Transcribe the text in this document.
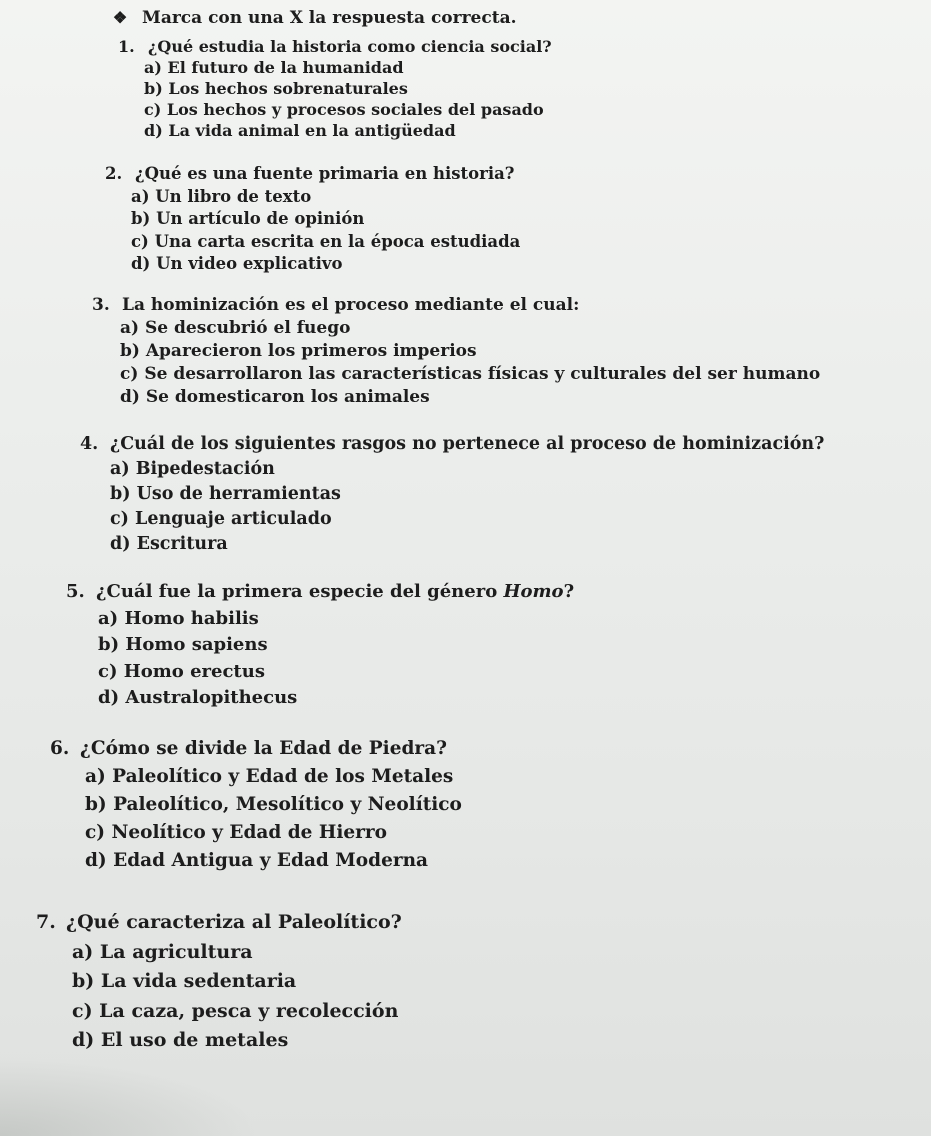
❖ Marca con una X la respuesta correcta.
1. ¿Qué estudia la historia como ciencia social?
a) El futuro de la humanidad
b) Los hechos sobrenaturales
c) Los hechos y procesos sociales del pasado
d) La vida animal en la antigüedad
2. ¿Qué es una fuente primaria en historia?
a) Un libro de texto
b) Un artículo de opinión
c) Una carta escrita en la época estudiada
d) Un video explicativo
3. La hominización es el proceso mediante el cual:
a) Se descubrió el fuego
b) Aparecieron los primeros imperios
c) Se desarrollaron las características físicas y culturales del ser humano
d) Se domesticaron los animales
4. ¿Cuál de los siguientes rasgos no pertenece al proceso de hominización?
a) Bipedestación
b) Uso de herramientas
c) Lenguaje articulado
d) Escritura
5. ¿Cuál fue la primera especie del género Homo?
a) Homo habilis
b) Homo sapiens
c) Homo erectus
d) Australopithecus
6. ¿Cómo se divide la Edad de Piedra?
a) Paleolítico y Edad de los Metales
b) Paleolítico, Mesolítico y Neolítico
c) Neolítico y Edad de Hierro
d) Edad Antigua y Edad Moderna
7. ¿Qué caracteriza al Paleolítico?
a) La agricultura
b) La vida sedentaria
c) La caza, pesca y recolección
d) El uso de metales
